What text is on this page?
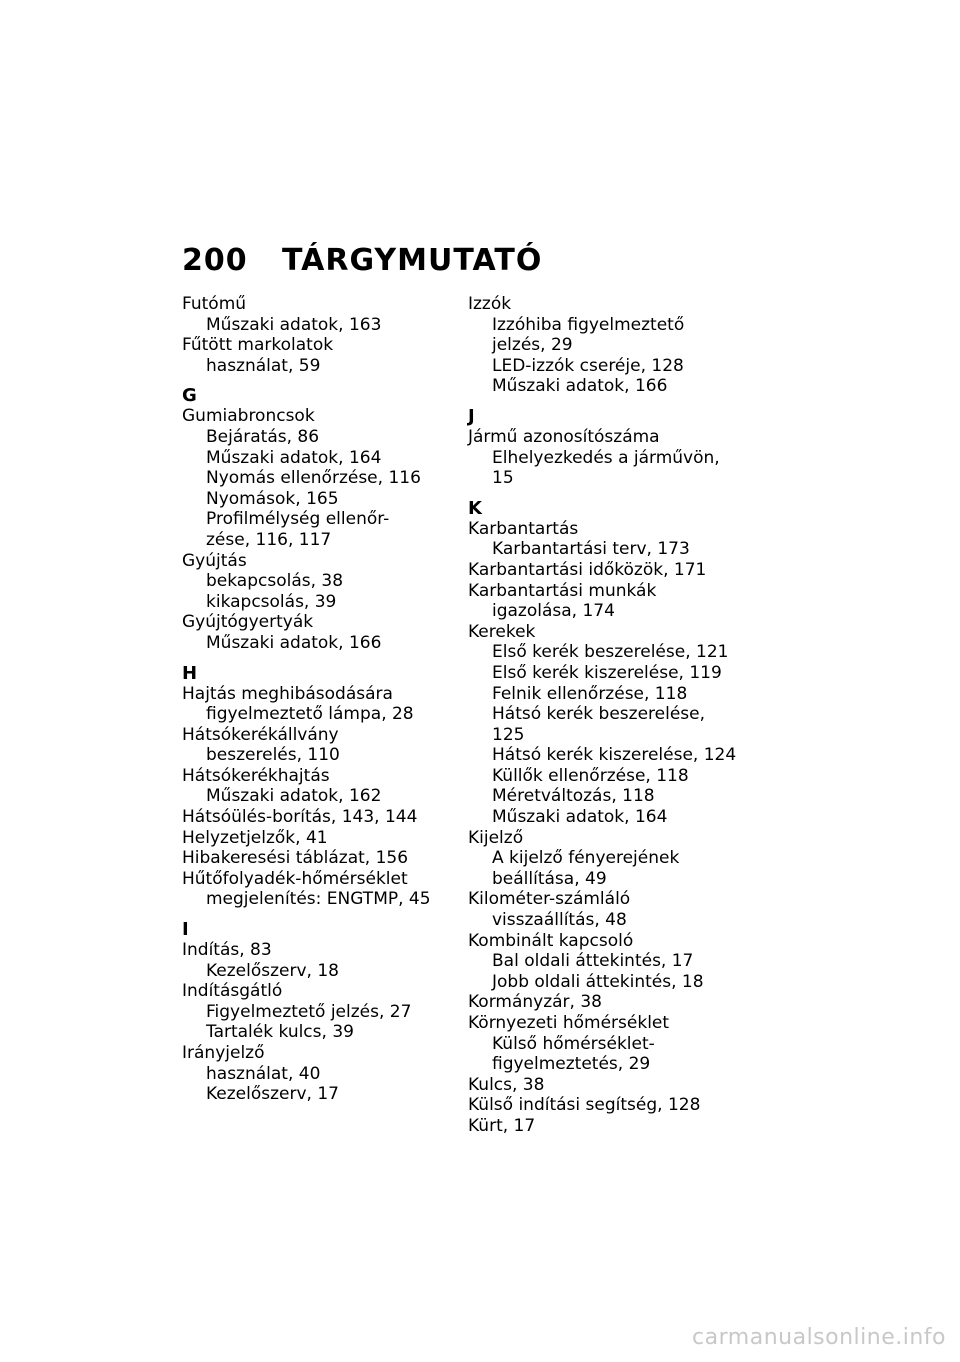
200 TÁRGYMUTATÓ
Futómű
Műszaki adatok, 163
Fűtött markolatok
használat, 59
G
Gumiabroncsok
Bejáratás, 86
Műszaki adatok, 164
Nyomás ellenőrzése, 116
Nyomások, 165
Profilmélység ellenőr-
zése, 116, 117
Gyújtás
bekapcsolás, 38
kikapcsolás, 39
Gyújtógyertyák
Műszaki adatok, 166
H
Hajtás meghibásodására
figyelmeztető lámpa, 28
Hátsókerékállvány
beszerelés, 110
Hátsókerékhajtás
Műszaki adatok, 162
Hátsóülés-borítás, 143, 144
Helyzetjelzők, 41
Hibakeresési táblázat, 156
Hűtőfolyadék-hőmérséklet
megjelenítés: ENGTMP, 45
I
Indítás, 83
Kezelőszerv, 18
Indításgátló
Figyelmeztető jelzés, 27
Tartalék kulcs, 39
Irányjelző
használat, 40
Kezelőszerv, 17
Izzók
Izzóhiba figyelmeztető
jelzés, 29
LED-izzók cseréje, 128
Műszaki adatok, 166
J
Jármű azonosítószáma
Elhelyezkedés a járművön, 15
K
Karbantartás
Karbantartási terv, 173
Karbantartási időközök, 171
Karbantartási munkák
igazolása, 174
Kerekek
Első kerék beszerelése, 121
Első kerék kiszerelése, 119
Felnik ellenőrzése, 118
Hátsó kerék beszerelése, 125
Hátsó kerék kiszerelése, 124
Küllők ellenőrzése, 118
Méretváltozás, 118
Műszaki adatok, 164
Kijelző
A kijelző fényerejének
beállítása, 49
Kilométer-számláló
visszaállítás, 48
Kombinált kapcsoló
Bal oldali áttekintés, 17
Jobb oldali áttekintés, 18
Kormányzár, 38
Környezeti hőmérséklet
Külső hőmérséklet-
figyelmeztetés, 29
Kulcs, 38
Külső indítási segítség, 128
Kürt, 17
carmanualsonline.info
